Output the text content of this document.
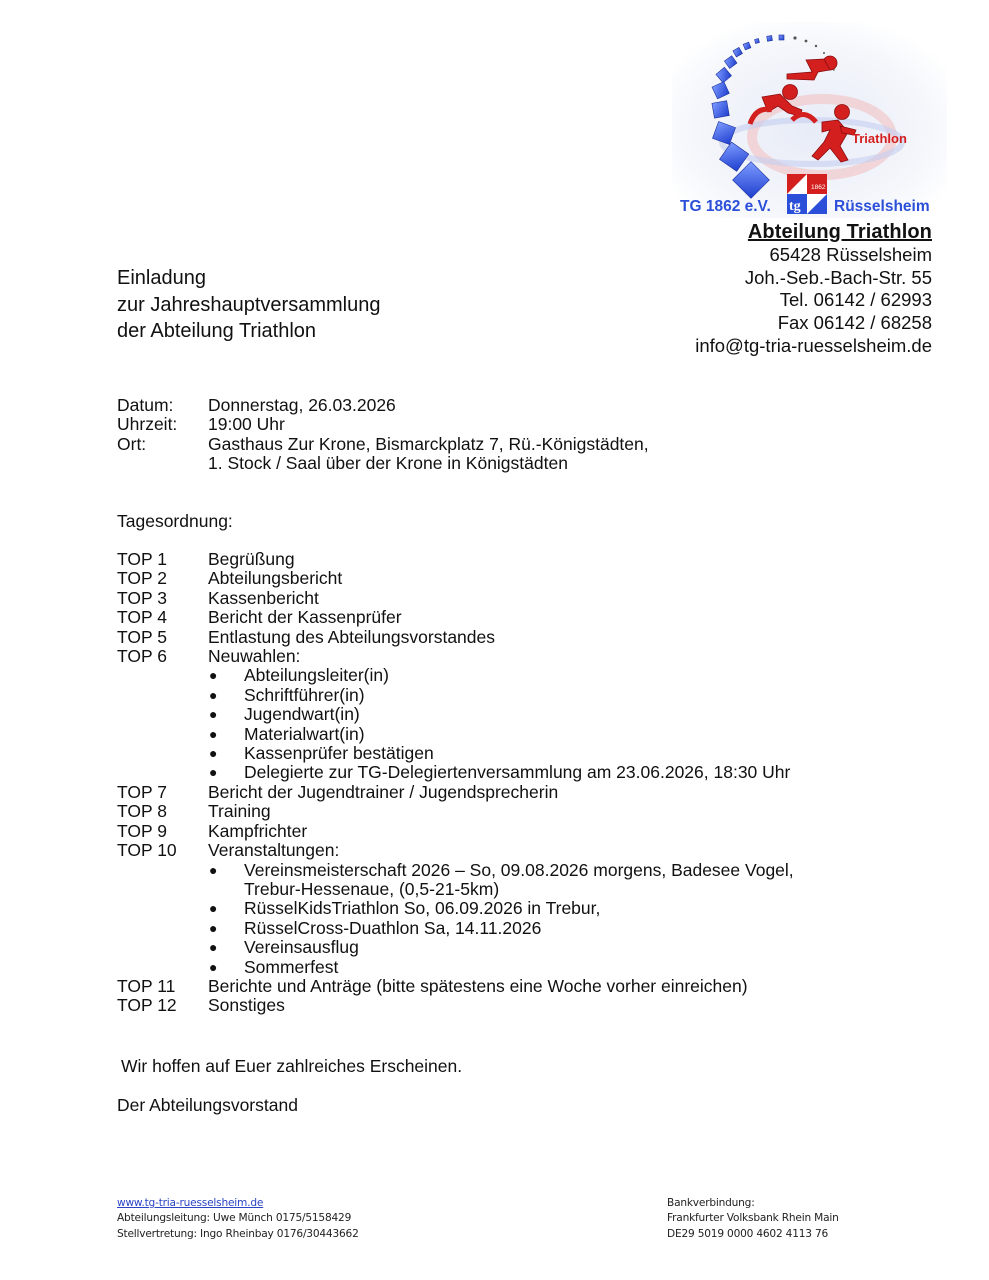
Triathlon
1862
tg
TG 1862 e.V.	Rüsselsheim
Abteilung Triathlon
65428 Rüsselsheim
Joh.-Seb.-Bach-Str. 55
Tel. 06142 / 62993
Fax 06142 / 68258
info@tg-tria-ruesselsheim.de
Einladung
zur Jahreshauptversammlung
der Abteilung Triathlon
Datum:	Donnerstag, 26.03.2026
Uhrzeit:	19:00 Uhr
Ort:	Gasthaus Zur Krone, Bismarckplatz 7, Rü.-Königstädten,
1. Stock / Saal über der Krone in Königstädten
Tagesordnung:
TOP 1	Begrüßung
TOP 2	Abteilungsbericht
TOP 3	Kassenbericht
TOP 4	Bericht der Kassenprüfer
TOP 5	Entlastung des Abteilungsvorstandes
TOP 6	Neuwahlen:
●	Abteilungsleiter(in)
●	Schriftführer(in)
●	Jugendwart(in)
●	Materialwart(in)
●	Kassenprüfer bestätigen
●	Delegierte zur TG-Delegiertenversammlung am 23.06.2026, 18:30 Uhr
TOP 7	Bericht der Jugendtrainer / Jugendsprecherin
TOP 8	Training
TOP 9	Kampfrichter
TOP 10	Veranstaltungen:
●	Vereinsmeisterschaft 2026 – So, 09.08.2026 morgens, Badesee Vogel,
Trebur-Hessenaue, (0,5-21-5km)
●	RüsselKidsTriathlon So, 06.09.2026 in Trebur,
●	RüsselCross-Duathlon Sa, 14.11.2026
●	Vereinsausflug
●	Sommerfest
TOP 11	Berichte und Anträge (bitte spätestens eine Woche vorher einreichen)
TOP 12	Sonstiges
Wir hoffen auf Euer zahlreiches Erscheinen.
Der Abteilungsvorstand
www.tg-tria-ruesselsheim.de
Abteilungsleitung: Uwe Münch 0175/5158429
Stellvertretung: Ingo Rheinbay 0176/30443662
Bankverbindung:
Frankfurter Volksbank Rhein Main
DE29 5019 0000 4602 4113 76
